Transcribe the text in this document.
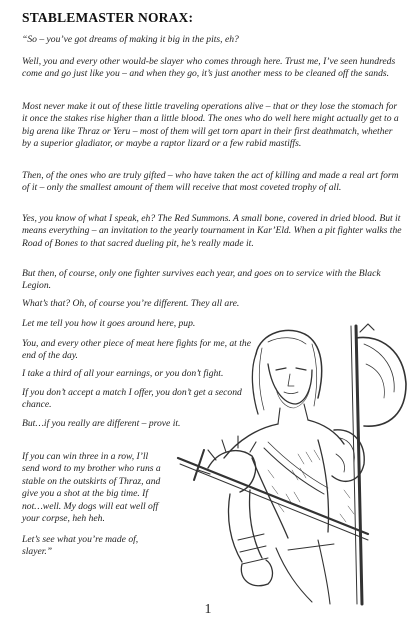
STABLEMASTER NORAX:

“So – you’ve got dreams of making it big in the pits, eh?

Well, you and every other would-be slayer who comes through here. Trust me, I’ve seen hundreds come and go just like you – and when they go, it’s just another mess to be cleaned off the sands.

Most never make it out of these little traveling operations alive – that or they lose the stomach for it once the stakes rise higher than a little blood. The ones who do well here might actually get to a big arena like Thraz or Yeru – most of them will get torn apart in their first deathmatch, whether by a superior gladiator, or maybe a raptor lizard or a few rabid mastiffs.

Then, of the ones who are truly gifted – who have taken the act of killing and made a real art form of it – only the smallest amount of them will receive that most coveted trophy of all.

Yes, you know of what I speak, eh? The Red Summons. A small bone, covered in dried blood. But it means everything – an invitation to the yearly tournament in Kar’Eld. When a pit fighter walks the Road of Bones to that sacred dueling pit, he’s really made it.

But then, of course, only one fighter survives each year, and goes on to service with the Black Legion.

What’s that? Oh, of course you’re different. They all are.

Let me tell you how it goes around here, pup.

You, and every other piece of meat here fights for me, at the end of the day.

I take a third of all your earnings, or you don’t fight.

If you don’t accept a match I offer, you don’t get a second chance.

But…if you really are different – prove it.

If you can win three in a row, I’ll send word to my brother who runs a stable on the outskirts of Thraz, and give you a shot at the big time. If not…well. My dogs will eat well off your corpse, heh heh.

Let’s see what you’re made of, slayer.”

1
